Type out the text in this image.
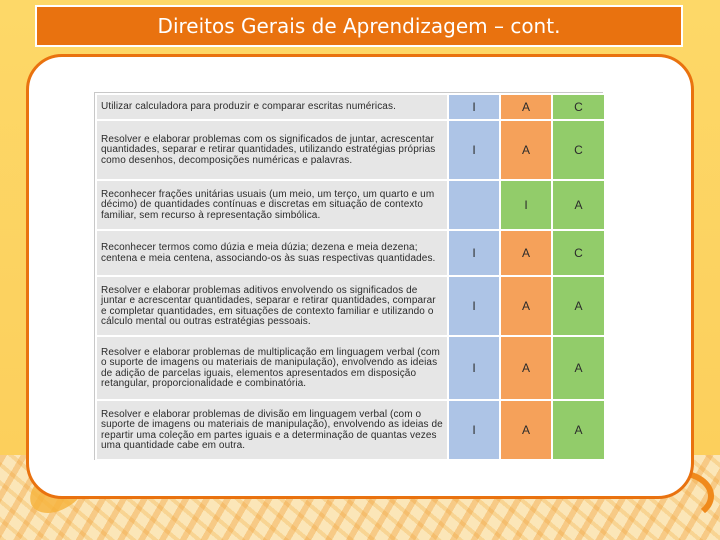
Direitos Gerais de Aprendizagem – cont.
Utilizar calculadora para produzir e comparar escritas numéricas.	I	A	C

Resolver e elaborar problemas com os significados de juntar, acrescentar quantidades, separar e retirar quantidades, utilizando estratégias próprias como desenhos, decomposições numéricas e palavras.	I	A	C

Reconhecer frações unitárias usuais (um meio, um terço, um quarto e um décimo) de quantidades contínuas e discretas em situação de contexto familiar, sem recurso à representação simbólica.		I	A

Reconhecer termos como dúzia e meia dúzia; dezena e meia dezena; centena e meia centena, associando-os às suas respectivas quantidades.	I	A	C

Resolver e elaborar problemas aditivos envolvendo os significados de juntar e acrescentar quantidades, separar e retirar quantidades, comparar e completar quantidades, em situações de contexto familiar e utilizando o cálculo mental ou outras estratégias pessoais.	I	A	A

Resolver e elaborar problemas de multiplicação em linguagem verbal (com o suporte de imagens ou materiais de manipulação), envolvendo as ideias de adição de parcelas iguais, elementos apresentados em disposição retangular, proporcionalidade e combinatória.	I	A	A

Resolver e elaborar problemas de divisão em linguagem verbal (com o suporte de imagens ou materiais de manipulação), envolvendo as ideias de repartir uma coleção em partes iguais e a determinação de quantas vezes uma quantidade cabe em outra.	I	A	A
